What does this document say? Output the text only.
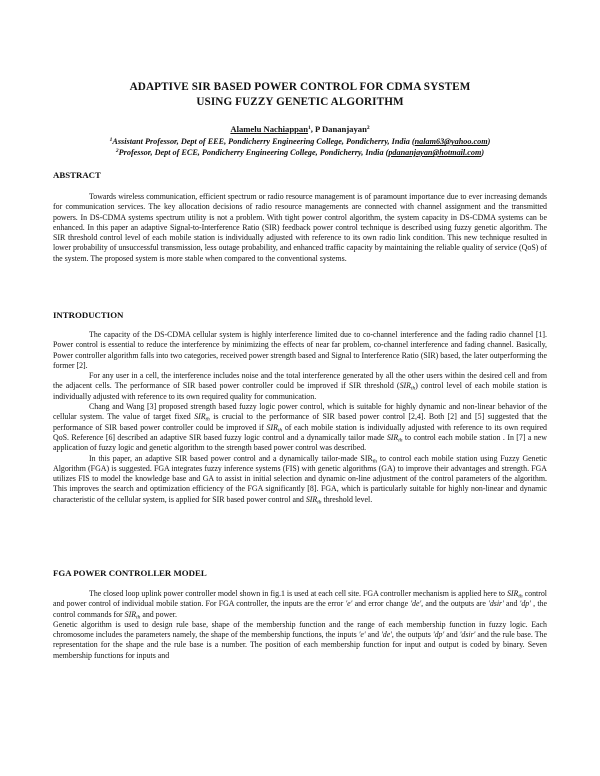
ADAPTIVE SIR BASED POWER CONTROL FOR CDMA SYSTEM
USING FUZZY GENETIC ALGORITHM
Alamelu Nachiappan$^1$, P Dananjayan$^2$
$^1$Assistant Professor, Dept of EEE, Pondicherry Engineering College, Pondicherry, India (nalam63@yahoo.com)
$^2$Professor, Dept of ECE, Pondicherry Engineering College, Pondicherry, India (pdananjayan@hotmail.com)
ABSTRACT

Towards wireless communication, efficient spectrum or radio resource management is of paramount importance due to ever increasing demands for communication services. The key allocation decisions of radio resource managements are connected with channel assignment and the transmitted powers. In DS-CDMA systems spectrum utility is not a problem. With tight power control algorithm, the system capacity in DS-CDMA systems can be enhanced. In this paper an adaptive Signal-to-Interference Ratio (SIR) feedback power control technique is described using fuzzy genetic algorithm. The SIR threshold control level of each mobile station is individually adjusted with reference to its own radio link condition. This new technique resulted in lower probability of unsuccessful transmission, less outage probability, and enhanced traffic capacity by maintaining the reliable quality of service (QoS) of the system. The proposed system is more stable when compared to the conventional systems.

INTRODUCTION

The capacity of the DS-CDMA cellular system is highly interference limited due to co-channel interference and the fading radio channel [1]. Power control is essential to reduce the interference by minimizing the effects of near far problem, co-channel interference and fading channel. Basically, Power controller algorithm falls into two categories, received power strength based and Signal to Interference Ratio (SIR) based, the later outperforming the former [2].

For any user in a cell, the interference includes noise and the total interference generated by all the other users within the desired cell and from the adjacent cells. The performance of SIR based power controller could be improved if SIR threshold $(SIR_{th})$ control level of each mobile station is individually adjusted with reference to its own required quality for communication.

Chang and Wang [3] proposed strength based fuzzy logic power control, which is suitable for highly dynamic and non-linear behavior of the cellular system. The value of target fixed $SIR_{th}$ is crucial to the performance of SIR based power control [2,4]. Both [2] and [5] suggested that the performance of SIR based power controller could be improved if $SIR_{th}$ of each mobile station is individually adjusted with reference to its own required QoS. Reference [6] described an adaptive SIR based fuzzy logic control and a dynamically tailor made $SIR_{th}$ to control each mobile station . In [7] a new application of fuzzy logic and genetic algorithm to the strength based power control was described.

In this paper, an adaptive SIR based power control and a dynamically tailor-made $SIR_{th}$ to control each mobile station using Fuzzy Genetic Algorithm (FGA) is suggested. FGA integrates fuzzy inference systems (FIS) with genetic algorithms (GA) to improve their advantages and strength. FGA utilizes FIS to model the knowledge base and GA to assist in initial selection and dynamic on-line adjustment of the control parameters of the algorithm. This improves the search and optimization efficiency of the FGA significantly [8]. FGA, which is particularly suitable for highly non-linear and dynamic characteristic of the cellular system, is applied for SIR based power control and $SIR_{th}$ threshold level.

FGA POWER CONTROLLER MODEL

The closed loop uplink power controller model shown in fig.1 is used at each cell site. FGA controller mechanism is applied here to $SIR_{th}$ control and power control of individual mobile station. For FGA controller, the inputs are the error 'e' and error change 'de', and the outputs are 'dsir' and 'dp' , the control commands for $SIR_{th}$ and power.

Genetic algorithm is used to design rule base, shape of the membership function and the range of each membership function in fuzzy logic. Each chromosome includes the parameters namely, the shape of the membership functions, the inputs 'e' and 'de', the outputs 'dp' and 'dsir' and the rule base. The representation for the shape and the rule base is a number. The position of each membership function for input and output is coded by binary. Seven membership functions for inputs and
